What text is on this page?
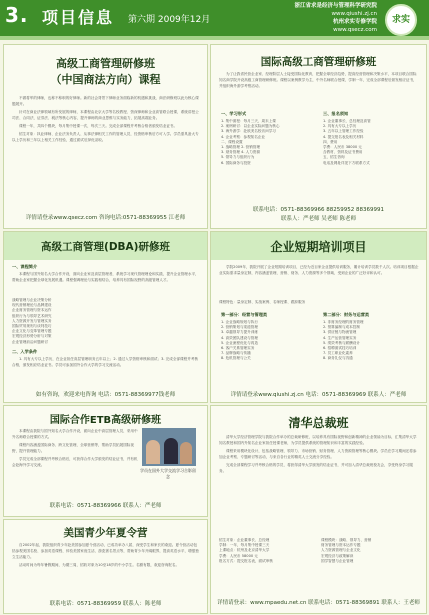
3. 项目信息 第六期 2009年12月
浙江省求是经济与管理科学研究院
www.qiushi.zj.cn
杭州求实专修学院
www.qsecz.com
求实
高级工商管理研修班
（中国商法方向）课程

不做将军的律师，也称不称职的好律师。新的社会背景下律师业务面临新的机遇和挑战，商法研修班以此为核心课题展开。

针对在商业法律领域有所发展的律师，本课程由北京大学等名校教授、资深律师和企业高管联合授课，系统讲授公司法、合同法、证券法、税法等核心内容，提升律师的商业思维与实务能力，拓展高端业务。

课程一年，共四个模块，每月集中授课一次，每次三天。完成全部课程并考核合格者颁发结业证书。

招生对象：执业律师、企业法务负责人、从事法律相关工作的管理人员，经资格审核后方可入学。学员需具备大专以上学历和三年以上相关工作经验，通过面试后择优录取。

详情请登录www.qsecz.com 咨询电话:0571-88369955 江老师
国际高级工商管理研修班

为了让我省民营企业家、经理阶层人士接受国际化教育，把握全球经济趋势，提高经营管理和决策水平，本项目联合国际知名商学院开设高级工商管理研修班。课程以案例教学为主，中外名师联合授课，学制一年，完成全部课程后颁发相应证书，并组织海外游学考察活动。

一、学习形式
1. 集中面授：每月三天，周末上课
2. 案例研讨：以企业实际问题为核心
3. 海外游学：赴欧美名校访问学习
4. 企业考察：参观知名企业
二、课程设置
1. 战略管理 2. 营销管理
3. 财务管理 4. 人力资源
5. 领导力与组织行为
6. 国际商务与投资
三、报名须知
1. 企业董事长、总经理及高管
2. 具有大专以上学历
3. 五年以上管理工作经验
4. 提交报名表及相关材料
四、费用
学费：人民币 38000 元
含教材、资料及证书费用
五、招生咨询
电话及网址详见下方联系方式
联系电话：0571-88369966 88259952 88369991
联系人：严老师 吴老师 陈老师
高级工商管理(DBA)研修班
一、课程简介

本课程与国外知名大学合作开设，面向企业家及高层管理者，系统学习现代管理理论和实践，提升企业管理水平，帮助企业家把握全球化发展机遇。课程强调理论与实践相结合，培养具有国际视野的高级管理人才。

战略管理与企业决策分析
现代营销理论与品牌建设
企业财务管理与资本运作
组织行为与领导艺术研究
人力资源开发与管理实务
国际贸易规则与谈判技巧
企业文化与变革管理专题
宏观经济形势分析与对策
企业管理前沿问题研讨
二、入学条件

1. 具有大专以上学历，在企业担任高层管理职务五年以上；2. 通过入学资格审核和面试；3. 完成全部课程并考核合格，颁发相应结业证书。学员可参加国外合作大学的学习交流活动。

如有咨询，欢迎来电咨询 电话：0571-88369977钱老师
企业短期培训项目

学院2009年，我院开展了企业短期培训项目，已经为近百家企业提供培训服务，累计培训学员数千人次。培训项目根据企业实际需求量身定制，内容涵盖管理、营销、财务、人力资源等多个领域，受到企业的广泛好评和认可。

课程特色：量身定制、实战案例、名师授课、跟踪服务
第一部分：经营与管理类
1. 企业战略规划与执行
2. 营销策划与渠道管理
3. 卓越领导力提升训练
4. 高效团队建设与管理
5. 企业流程优化与再造
6. 客户关系管理实务
7. 品牌战略与传播
8. 危机管理与公关
第二部分：财务与运营类
1. 非财务经理的财务管理
2. 预算编制与成本控制
3. 供应链与物流管理
4. 生产运营管理实务
5. 绩效考核与薪酬设计
6. 招聘面试技巧培训
7. 员工职业化素养
8. 商务礼仪与沟通
详情请登录www.qiushi.zj.cn 电话：0571-88369969 联系人：严老师
国际合作ETB高级研修班

本课程由我院与国外知名大学合作开设，面向企业中高层管理人员，采用中外名师联合授课的方式。

课程内容涵盖国际商务、跨文化管理、全球营销等，帮助学员拓展国际视野，提升管理能力。

学员完成全部课程并考核合格后，可获得合作大学颁发的结业证书，并有机会赴海外学习交流。

学员在国外大学交流学习合影留念
联系电话：0571-88369966 联系人：严老师
美国青少年夏令营

自2002年起，我院组织青少年赴美国参加夏令营活动，已成功举办八届，深受学生和家长的欢迎。夏令营活动包括参观美国名校、参加英语课程、体验美国家庭生活、游览著名景点等，帮助青少年开阔眼界，提高英语水平，增强独立生活能力。

活动时间为每年暑假期间，为期三周，招收对象为10至18岁的中小学生。名额有限，欢迎咨询报名。

联系电话：0571-88369959 联系人：陈老师
清华总裁班

清华大学经济管理学院与我院合作举办的总裁研修班，以培养具有国际视野和创新精神的企业领袖为目标，汇集清华大学知名教授和国内外知名企业家担任授课老师，为学员提供系统的管理知识和丰富的实践经验。

课程采用模块化设计，包括战略管理、领导力、市场营销、财务管理、人力资源管理等核心模块。学员在学习期间还将参加企业考察、专题研讨等活动，与来自各行业的精英人士交流分享经验。

完成全部课程学习并考核合格的学员，将获得清华大学颁发的结业证书，并可加入清华总裁班校友会，享受终身学习服务。

招生对象：企业董事长、总经理
学制：一年，每月集中授课三天
上课地点：杭州及北京清华大学
学费：人民币 58000 元
报名方式：提交报名表，面试审核
课程模块：战略、领导力、营销
财务管理与资本运作专题
人力资源管理与企业文化
宏观经济与政策解读
国学智慧与企业管理
详情请登录：www.mpaedu.net.cn 联系电话：0571-88369891 联系人：王老师
